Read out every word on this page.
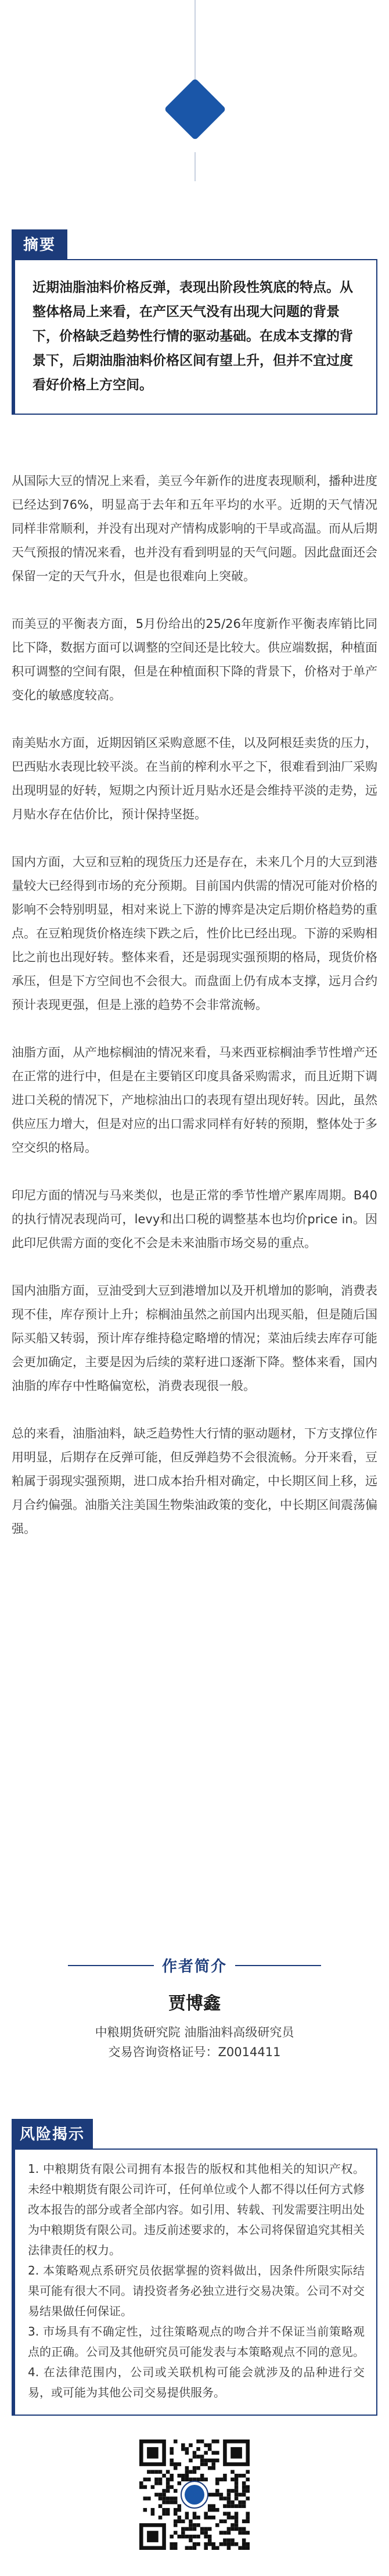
摘要

近期油脂油料价格反弹，表现出阶段性筑底的特点。从整体格局上来看，在产区天气没有出现大问题的背景下，价格缺乏趋势性行情的驱动基础。在成本支撑的背景下，后期油脂油料价格区间有望上升，但并不宜过度看好价格上方空间。

从国际大豆的情况上来看，美豆今年新作的进度表现顺利，播种进度已经达到76%，明显高于去年和五年平均的水平。近期的天气情况同样非常顺利，并没有出现对产情构成影响的干旱或高温。而从后期天气预报的情况来看，也并没有看到明显的天气问题。因此盘面还会保留一定的天气升水，但是也很难向上突破。

而美豆的平衡表方面，5月份给出的25/26年度新作平衡表库销比同比下降，数据方面可以调整的空间还是比较大。供应端数据，种植面积可调整的空间有限，但是在种植面积下降的背景下，价格对于单产变化的敏感度较高。

南美贴水方面，近期因销区采购意愿不佳，以及阿根廷卖货的压力，巴西贴水表现比较平淡。在当前的榨利水平之下，很难看到油厂采购出现明显的好转，短期之内预计近月贴水还是会维持平淡的走势，远月贴水存在估价比，预计保持坚挺。

国内方面，大豆和豆粕的现货压力还是存在，未来几个月的大豆到港量较大已经得到市场的充分预期。目前国内供需的情况可能对价格的影响不会特别明显，相对来说上下游的博弈是决定后期价格趋势的重点。在豆粕现货价格连续下跌之后，性价比已经出现。下游的采购相比之前也出现好转。整体来看，还是弱现实强预期的格局，现货价格承压，但是下方空间也不会很大。而盘面上仍有成本支撑，远月合约预计表现更强，但是上涨的趋势不会非常流畅。

油脂方面，从产地棕榈油的情况来看，马来西亚棕榈油季节性增产还在正常的进行中，但是在主要销区印度具备采购需求，而且近期下调进口关税的情况下，产地棕油出口的表现有望出现好转。因此，虽然供应压力增大，但是对应的出口需求同样有好转的预期，整体处于多空交织的格局。

印尼方面的情况与马来类似，也是正常的季节性增产累库周期。B40的执行情况表现尚可，levy和出口税的调整基本也均价price in。因此印尼供需方面的变化不会是未来油脂市场交易的重点。

国内油脂方面，豆油受到大豆到港增加以及开机增加的影响，消费表现不佳，库存预计上升；棕榈油虽然之前国内出现买船，但是随后国际买船又转弱，预计库存维持稳定略增的情况；菜油后续去库存可能会更加确定，主要是因为后续的菜籽进口逐渐下降。整体来看，国内油脂的库存中性略偏宽松，消费表现很一般。

总的来看，油脂油料，缺乏趋势性大行情的驱动题材，下方支撑位作用明显，后期存在反弹可能，但反弹趋势不会很流畅。分开来看，豆粕属于弱现实强预期，进口成本抬升相对确定，中长期区间上移，远月合约偏强。油脂关注美国生物柴油政策的变化，中长期区间震荡偏强。

作者简介
贾博鑫
中粮期货研究院 油脂油料高级研究员
交易咨询资格证号：Z0014411
风险揭示

1. 中粮期货有限公司拥有本报告的版权和其他相关的知识产权。未经中粮期货有限公司许可，任何单位或个人都不得以任何方式修改本报告的部分或者全部内容。如引用、转载、刊发需要注明出处为中粮期货有限公司。违反前述要求的，本公司将保留追究其相关法律责任的权力。

2. 本策略观点系研究员依据掌握的资料做出，因条件所限实际结果可能有很大不同。请投资者务必独立进行交易决策。公司不对交易结果做任何保证。

3. 市场具有不确定性，过往策略观点的吻合并不保证当前策略观点的正确。公司及其他研究员可能发表与本策略观点不同的意见。

4. 在法律范围内，公司或关联机构可能会就涉及的品种进行交易，或可能为其他公司交易提供服务。
